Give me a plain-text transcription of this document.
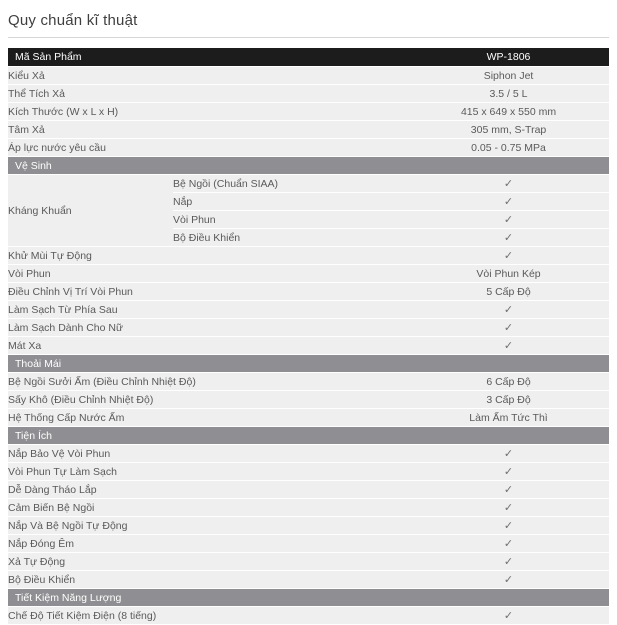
Quy chuẩn kĩ thuật
Mã Sản Phẩm		WP-1806
Kiểu Xả		Siphon Jet
Thể Tích Xả		3.5 / 5 L
Kích Thước (W x L x H)		415 x 649 x 550 mm
Tâm Xả		305 mm, S-Trap
Áp lực nước yêu cầu		0.05 - 0.75 MPa
Vệ Sinh		
Kháng Khuẩn	Bệ Ngồi (Chuẩn SIAA)	✓
	Nắp	✓
	Vòi Phun	✓
	Bộ Điều Khiển	✓
Khử Mùi Tự Động		✓
Vòi Phun		Vòi Phun Kép
Điều Chỉnh Vị Trí Vòi Phun		5 Cấp Độ
Làm Sạch Từ Phía Sau		✓
Làm Sạch Dành Cho Nữ		✓
Mát Xa		✓
Thoải Mái		
Bệ Ngồi Sưởi Ấm (Điều Chỉnh Nhiệt Độ)		6 Cấp Độ
Sấy Khô (Điều Chỉnh Nhiệt Độ)		3 Cấp Độ
Hệ Thống Cấp Nước Ấm		Làm Ấm Tức Thì
Tiện Ích		
Nắp Bảo Vệ Vòi Phun		✓
Vòi Phun Tự Làm Sạch		✓
Dễ Dàng Tháo Lắp		✓
Cảm Biến Bệ Ngồi		✓
Nắp Và Bệ Ngồi Tự Động		✓
Nắp Đóng Êm		✓
Xả Tự Động		✓
Bộ Điều Khiển		✓
Tiết Kiệm Năng Lượng		
Chế Độ Tiết Kiệm Điện (8 tiếng)		✓
